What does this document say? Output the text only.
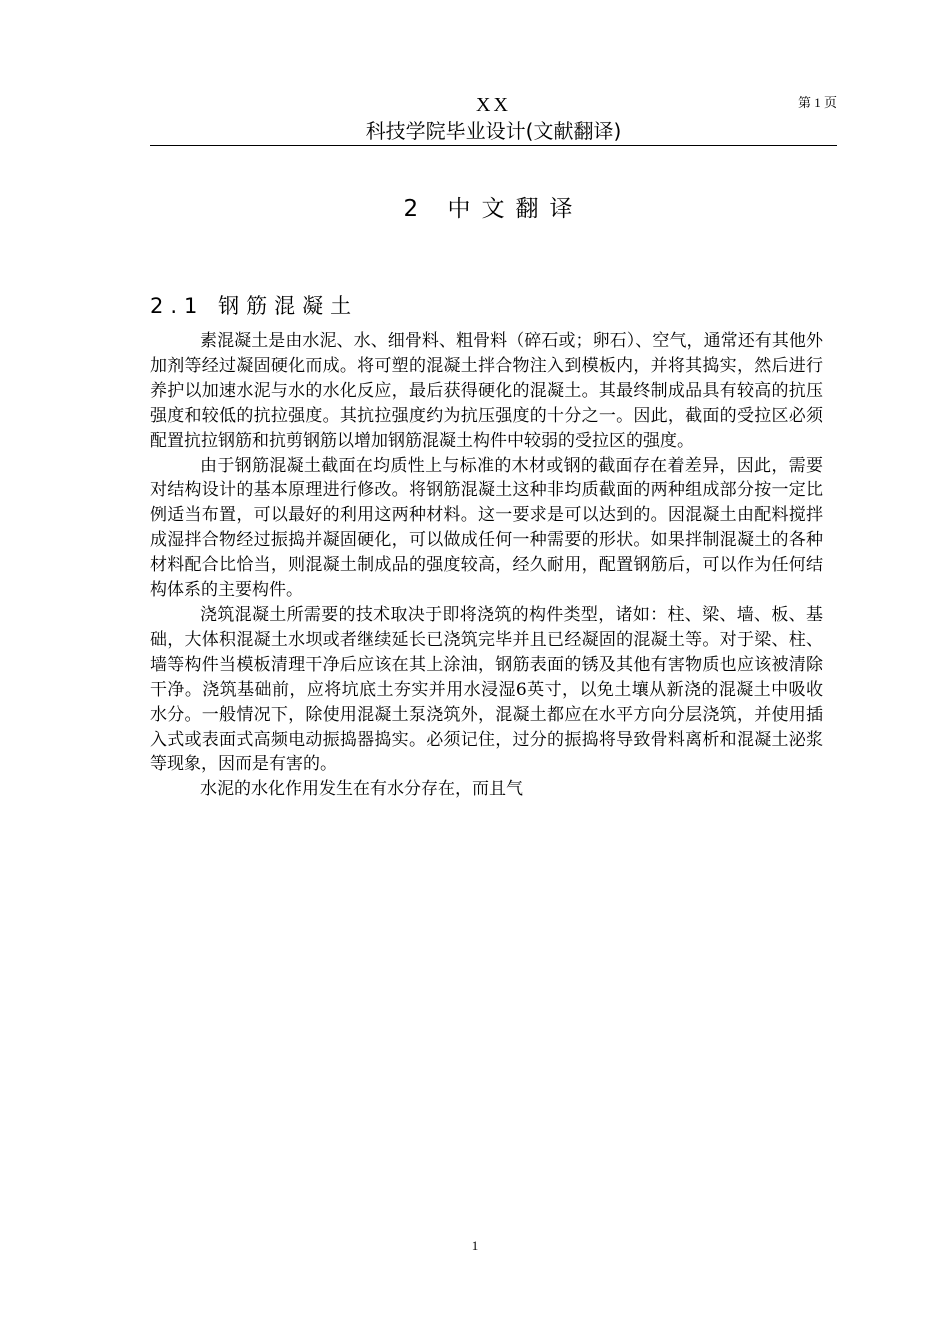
第 1 页
XX
科技学院毕业设计(文献翻译)
2 中文翻译
2.1 钢筋混凝土

素混凝土是由水泥、水、细骨料、粗骨料（碎石或；卵石）、空气，通常还有其他外加剂等经过凝固硬化而成。将可塑的混凝土拌合物注入到模板内，并将其捣实，然后进行养护以加速水泥与水的水化反应，最后获得硬化的混凝土。其最终制成品具有较高的抗压强度和较低的抗拉强度。其抗拉强度约为抗压强度的十分之一。因此，截面的受拉区必须配置抗拉钢筋和抗剪钢筋以增加钢筋混凝土构件中较弱的受拉区的强度。

由于钢筋混凝土截面在均质性上与标准的木材或钢的截面存在着差异，因此，需要对结构设计的基本原理进行修改。将钢筋混凝土这种非均质截面的两种组成部分按一定比例适当布置，可以最好的利用这两种材料。这一要求是可以达到的。因混凝土由配料搅拌成湿拌合物经过振捣并凝固硬化，可以做成任何一种需要的形状。如果拌制混凝土的各种材料配合比恰当，则混凝土制成品的强度较高，经久耐用，配置钢筋后，可以作为任何结构体系的主要构件。

浇筑混凝土所需要的技术取决于即将浇筑的构件类型，诸如：柱、梁、墙、板、基础，大体积混凝土水坝或者继续延长已浇筑完毕并且已经凝固的混凝土等。对于梁、柱、墙等构件当模板清理干净后应该在其上涂油，钢筋表面的锈及其他有害物质也应该被清除干净。浇筑基础前，应将坑底土夯实并用水浸湿6英寸，以免土壤从新浇的混凝土中吸收水分。一般情况下，除使用混凝土泵浇筑外，混凝土都应在水平方向分层浇筑，并使用插入式或表面式高频电动振捣器捣实。必须记住，过分的振捣将导致骨料离析和混凝土泌浆等现象，因而是有害的。

水泥的水化作用发生在有水分存在，而且气

1
